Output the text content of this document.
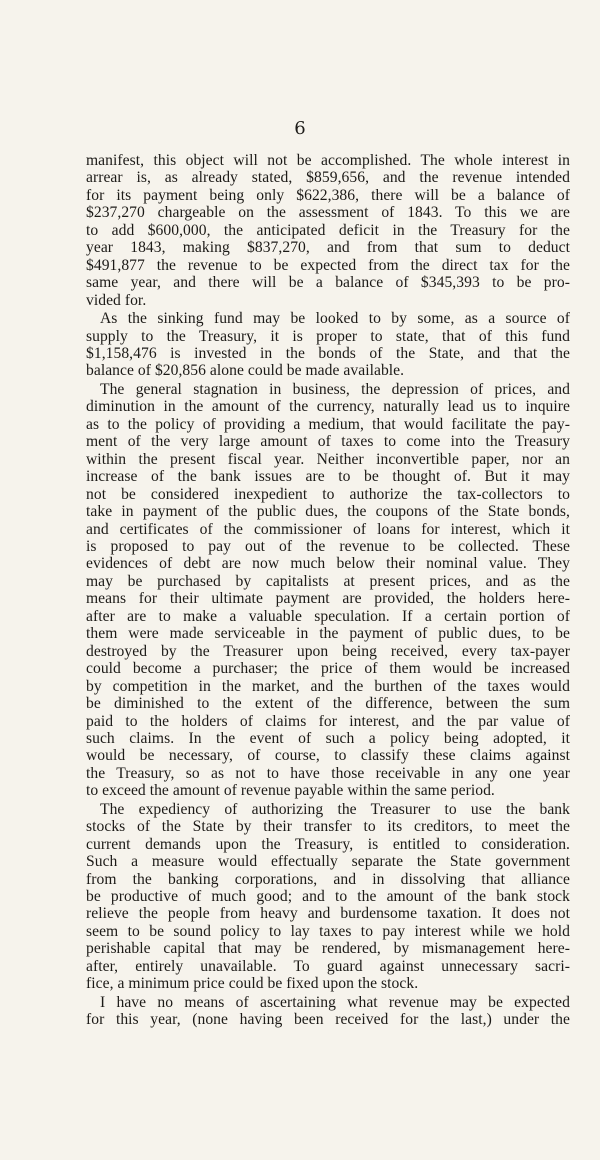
6
manifest, this object will not be accomplished. The whole interest in
arrear is, as already stated, $859,656, and the revenue intended
for its payment being only $622,386, there will be a balance of
$237,270 chargeable on the assessment of 1843. To this we are
to add $600,000, the anticipated deficit in the Treasury for the
year 1843, making $837,270, and from that sum to deduct
$491,877 the revenue to be expected from the direct tax for the
same year, and there will be a balance of $345,393 to be pro-
vided for.
As the sinking fund may be looked to by some, as a source of
supply to the Treasury, it is proper to state, that of this fund
$1,158,476 is invested in the bonds of the State, and that the
balance of $20,856 alone could be made available.
The general stagnation in business, the depression of prices, and
diminution in the amount of the currency, naturally lead us to inquire
as to the policy of providing a medium, that would facilitate the pay-
ment of the very large amount of taxes to come into the Treasury
within the present fiscal year. Neither inconvertible paper, nor an
increase of the bank issues are to be thought of. But it may
not be considered inexpedient to authorize the tax-collectors to
take in payment of the public dues, the coupons of the State bonds,
and certificates of the commissioner of loans for interest, which it
is proposed to pay out of the revenue to be collected. These
evidences of debt are now much below their nominal value. They
may be purchased by capitalists at present prices, and as the
means for their ultimate payment are provided, the holders here-
after are to make a valuable speculation. If a certain portion of
them were made serviceable in the payment of public dues, to be
destroyed by the Treasurer upon being received, every tax-payer
could become a purchaser; the price of them would be increased
by competition in the market, and the burthen of the taxes would
be diminished to the extent of the difference, between the sum
paid to the holders of claims for interest, and the par value of
such claims. In the event of such a policy being adopted, it
would be necessary, of course, to classify these claims against
the Treasury, so as not to have those receivable in any one year
to exceed the amount of revenue payable within the same period.
The expediency of authorizing the Treasurer to use the bank
stocks of the State by their transfer to its creditors, to meet the
current demands upon the Treasury, is entitled to consideration.
Such a measure would effectually separate the State government
from the banking corporations, and in dissolving that alliance
be productive of much good; and to the amount of the bank stock
relieve the people from heavy and burdensome taxation. It does not
seem to be sound policy to lay taxes to pay interest while we hold
perishable capital that may be rendered, by mismanagement here-
after, entirely unavailable. To guard against unnecessary sacri-
fice, a minimum price could be fixed upon the stock.
I have no means of ascertaining what revenue may be expected
for this year, (none having been received for the last,) under the
